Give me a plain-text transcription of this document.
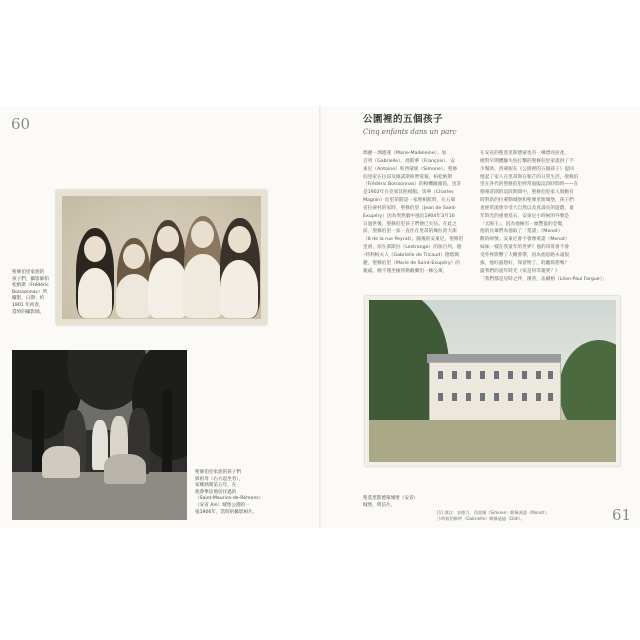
60
61
聖修伯里家族的
孩子們，攝影師柏
松納斯（Frédéric
Boissonnas）所
攝影，日期：約
1901 年初春，
當時的攝影師。
聖修伯里家族的孩子們
與祖母（右方起坐者），
家鄉熱閒第五年，在
他會參訪他居住過的
（Saint-Maurice-de-Rémens）
（安省 Ain）城堡公園的一
張1906年，當時的攝影相片。
公園裡的五個孩子
Cinq enfants dans un parc
瑪麗－瑪德蓮（Marie-Madeleine）、加
百列（Gabrielle）、馮斯華（François）、安
東尼（Antoine）和西蒙妮（Simone）。聖修
伯里家在拉昂及維諾斯經營電報，柏松納斯
（Frédéric Boissonnas）的相機鏡頭前，也許
是1902年在克郊其照相館。馬寧（Charles
Magnin）於里昂開設一家照相館時，在五層
省拉蒙村的家時，聖修伯里（Jean de Saint-
Exupéry）因為突然腦中風於1904年3月16
日過世後，聖修伯里孩子們便已失怙。在此之
前，聖修伯里一家一直住在里昂的佩拉荷大街
（8 de la rue Peyrat）。隨後的安東尼，聖修伯
里祖，原在慕斯拉（Lestrange）的加百列，德
･特利柯夫人（Gabrielle de Tricaud）德塔瑪
麗，聖修伯里（Marie de Saint-Exupéry）的
親戚，她不僅坐擁到勒薩蘭伯一棟公寓，
在安省的聖莫里斯德蒙也有一棟漂亮居產，
她對早期體驗失怙打擊的聖修伯里家提供了不
少幫助。西蒙妮在《公園裡的五個孩子》提回
憶起了家人在里昂與在勒芒的日常生活，聖修伯
里在各代的聖修伯里經常面臨這段時間時——在
德蒙莊園的這段期間中，聖修伯里家人與她有
時對新的拉蒙勒城堡和聖摩里斯城堡，孩子們
也經常流連享受大自然以及真諦長的遊戲，童
年時光的重要基石，安東尼小時候的外號是
「太陽王」，因為他擁有一頭豐盈的金髮，
他的長輩們為他取了「莫諾」（Monot）
歡的綽號。安東尼會不會像萊諾（Monot）
妹妹一樣在我童年的世界？他的哥哥會不會
受外界影響了大概會帶，因為他思路永遠很
拔，他旺盛想好，保留物了，聆聽寫想嗎？
盛我們的童年時光《家是何等親愛？》
「我們都是兒時之伴，漢普，法爾格（Léon-Paul Fargue）」
聖莫里斯德蒙城堡（安省）
城堡，明信片。
[1] 譯註：安德力、西莫爾（Simone）暱稱馮諾（Monot），
小時候的稱呼（Gabrielle）暱稱迪迪（Didi）。
